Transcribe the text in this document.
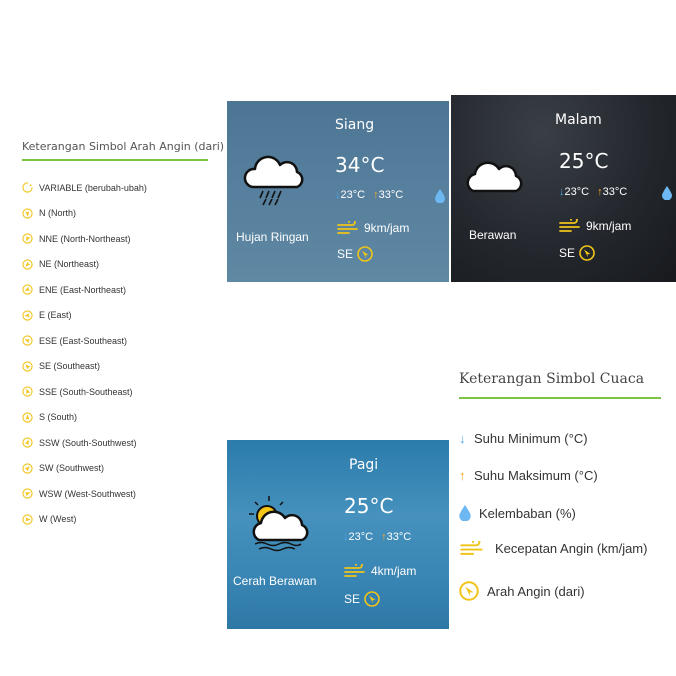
Keterangan Simbol Arah Angin (dari)
VARIABLE (berubah-ubah)
N (North)
NNE (North-Northeast)
NE (Northeast)
ENE (East-Northeast)
E (East)
ESE (East-Southeast)
SE (Southeast)
SSE (South-Southeast)
S (South)
SSW (South-Southwest)
SW (Southwest)
WSW (West-Southwest)
W (West)
Siang
34°C
↓23°C ↑33°C
9km/jam
SE
Hujan Ringan
Malam
25°C
↓23°C ↑33°C
9km/jam
SE
Berawan
Pagi
25°C
↓23°C ↑33°C
4km/jam
SE
Cerah Berawan
Keterangan Simbol Cuaca
↓ Suhu Minimum (°C)
↑ Suhu Maksimum (°C)
Kelembaban (%)
Kecepatan Angin (km/jam)
Arah Angin (dari)
